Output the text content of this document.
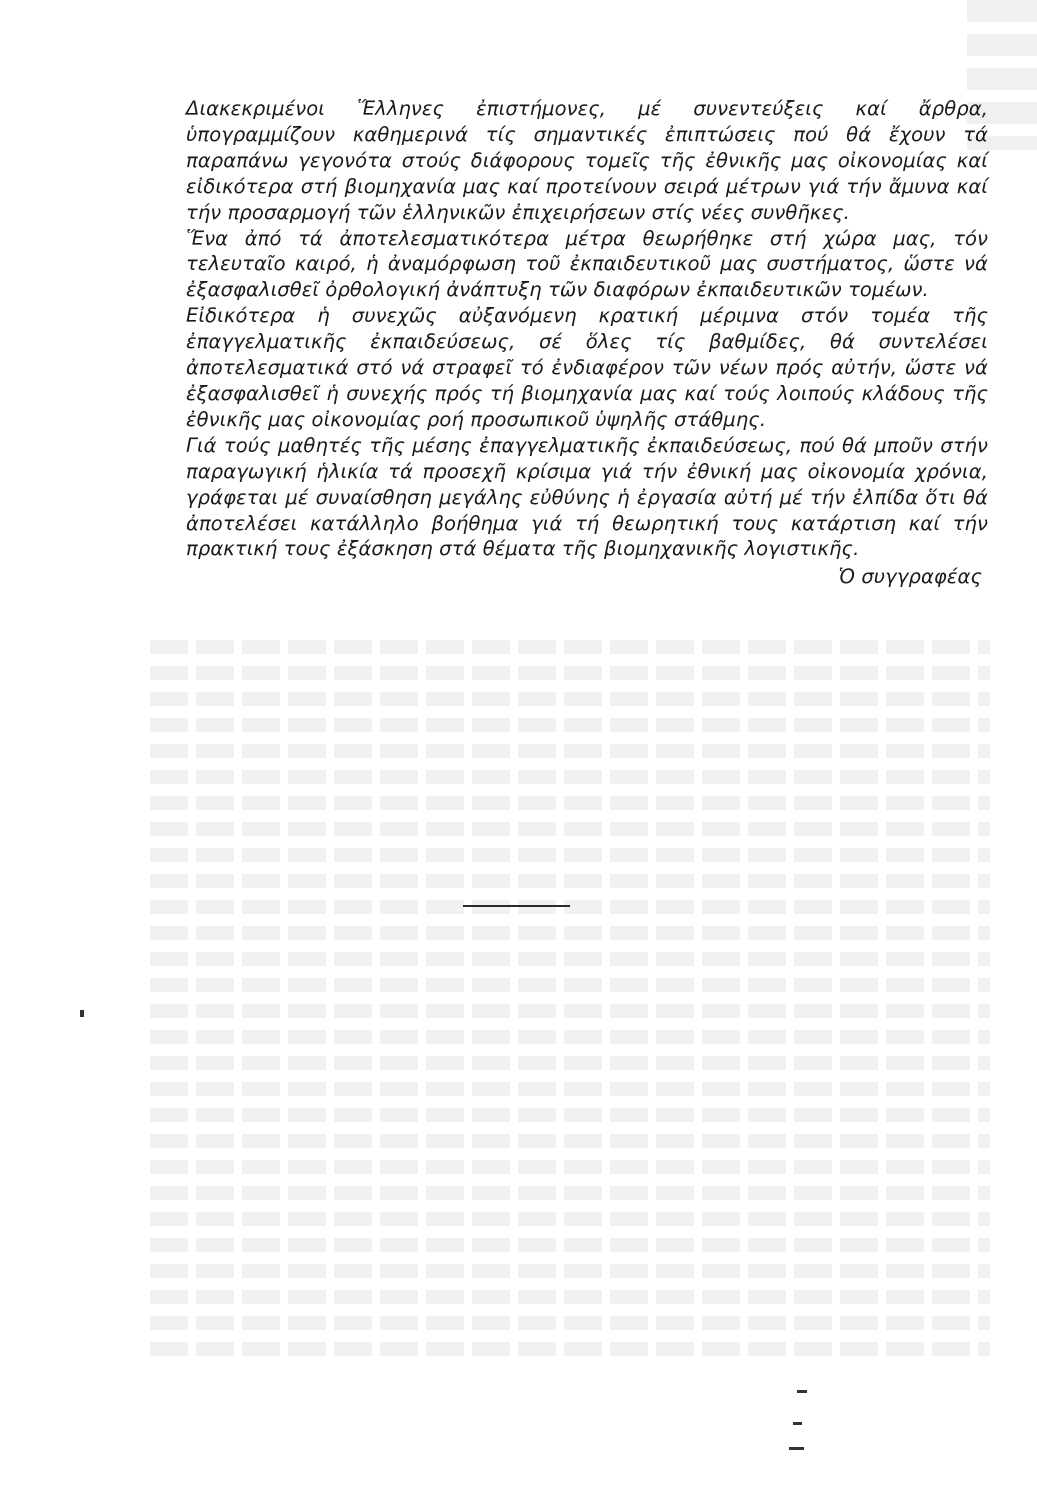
Διακεκριμένοι Ἕλληνες ἐπιστήμονες, μέ συνεντεύξεις καί ἄρθρα, ὑπογραμμίζουν καθημερινά τίς σημαντικές ἐπιπτώσεις πού θά ἔχουν τά παραπάνω γεγονότα στούς διάφορους τομεῖς τῆς ἐθνικῆς μας οἰκονομίας καί εἰδικότερα στή βιομηχανία μας καί προτείνουν σειρά μέτρων γιά τήν ἄμυνα καί τήν προσαρμογή τῶν ἑλληνικῶν ἐπιχειρήσεων στίς νέες συνθῆκες.

Ἕνα ἀπό τά ἀποτελεσματικότερα μέτρα θεωρήθηκε στή χώρα μας, τόν τελευταῖο καιρό, ἡ ἀναμόρφωση τοῦ ἐκπαιδευτικοῦ μας συστήματος, ὥστε νά ἐξασφαλισθεῖ ὀρθολογική ἀνάπτυξη τῶν διαφόρων ἐκπαιδευτικῶν τομέων.

Εἰδικότερα ἡ συνεχῶς αὐξανόμενη κρατική μέριμνα στόν τομέα τῆς ἐπαγγελματικῆς ἐκπαιδεύσεως, σέ ὅλες τίς βαθμίδες, θά συντελέσει ἀποτελεσματικά στό νά στραφεῖ τό ἐνδιαφέρον τῶν νέων πρός αὐτήν, ὥστε νά ἐξασφαλισθεῖ ἡ συνεχής πρός τή βιομηχανία μας καί τούς λοιπούς κλάδους τῆς ἐθνικῆς μας οἰκονομίας ροή προσωπικοῦ ὑψηλῆς στάθμης.

Γιά τούς μαθητές τῆς μέσης ἐπαγγελματικῆς ἐκπαιδεύσεως, πού θά μποῦν στήν παραγωγική ἡλικία τά προσεχῆ κρίσιμα γιά τήν ἐθνική μας οἰκονομία χρόνια, γράφεται μέ συναίσθηση μεγάλης εὐθύνης ἡ ἐργασία αὐτή μέ τήν ἐλπίδα ὅτι θά ἀποτελέσει κατάλληλο βοήθημα γιά τή θεωρητική τους κατάρτιση καί τήν πρακτική τους ἐξάσκηση στά θέματα τῆς βιομηχανικῆς λογιστικῆς.

Ὁ συγγραφέας
